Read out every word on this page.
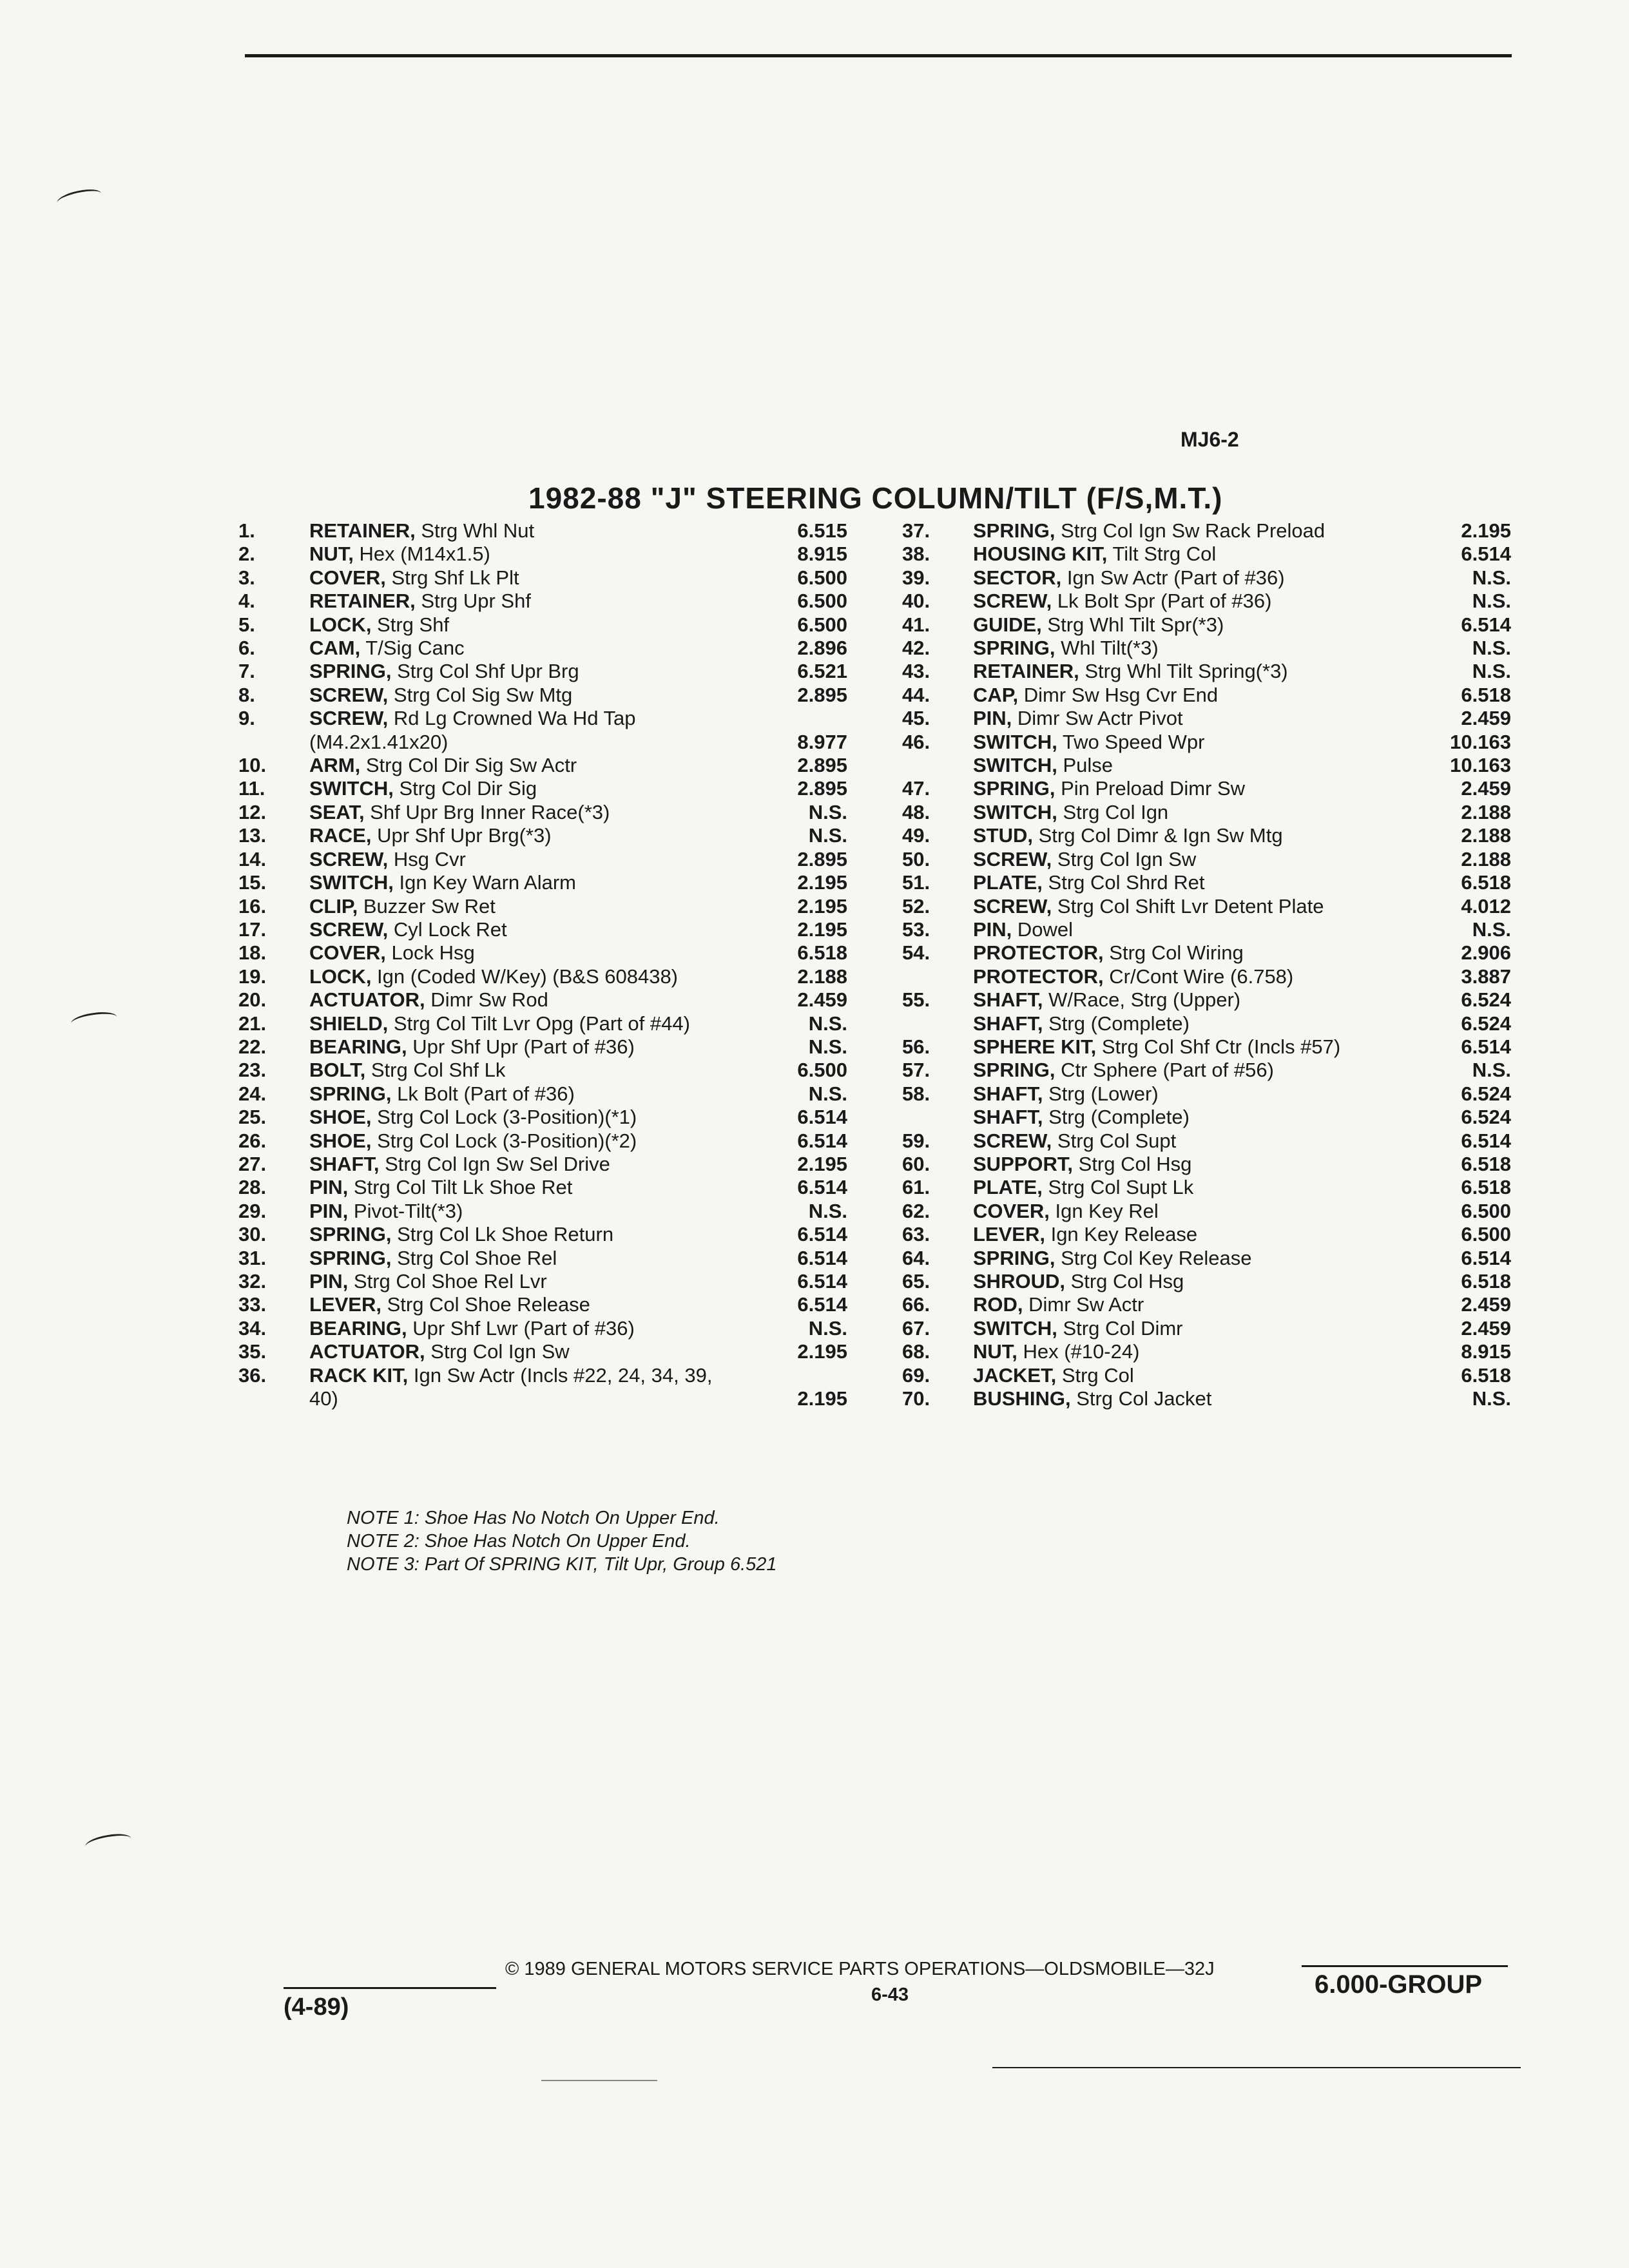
MJ6-2
1982-88 "J" STEERING COLUMN/TILT (F/S,M.T.)
1.	RETAINER, Strg Whl Nut	6.515
2.	NUT, Hex (M14x1.5)	8.915
3.	COVER, Strg Shf Lk Plt	6.500
4.	RETAINER, Strg Upr Shf	6.500
5.	LOCK, Strg Shf	6.500
6.	CAM, T/Sig Canc	2.896
7.	SPRING, Strg Col Shf Upr Brg	6.521
8.	SCREW, Strg Col Sig Sw Mtg	2.895
9.	SCREW, Rd Lg Crowned Wa Hd Tap (M4.2x1.41x20)	8.977
10.	ARM, Strg Col Dir Sig Sw Actr	2.895
11.	SWITCH, Strg Col Dir Sig	2.895
12.	SEAT, Shf Upr Brg Inner Race(*3)	N.S.
13.	RACE, Upr Shf Upr Brg(*3)	N.S.
14.	SCREW, Hsg Cvr	2.895
15.	SWITCH, Ign Key Warn Alarm	2.195
16.	CLIP, Buzzer Sw Ret	2.195
17.	SCREW, Cyl Lock Ret	2.195
18.	COVER, Lock Hsg	6.518
19.	LOCK, Ign (Coded W/Key) (B&S 608438)	2.188
20.	ACTUATOR, Dimr Sw Rod	2.459
21.	SHIELD, Strg Col Tilt Lvr Opg (Part of #44)	N.S.
22.	BEARING, Upr Shf Upr (Part of #36)	N.S.
23.	BOLT, Strg Col Shf Lk	6.500
24.	SPRING, Lk Bolt (Part of #36)	N.S.
25.	SHOE, Strg Col Lock (3-Position)(*1)	6.514
26.	SHOE, Strg Col Lock (3-Position)(*2)	6.514
27.	SHAFT, Strg Col Ign Sw Sel Drive	2.195
28.	PIN, Strg Col Tilt Lk Shoe Ret	6.514
29.	PIN, Pivot-Tilt(*3)	N.S.
30.	SPRING, Strg Col Lk Shoe Return	6.514
31.	SPRING, Strg Col Shoe Rel	6.514
32.	PIN, Strg Col Shoe Rel Lvr	6.514
33.	LEVER, Strg Col Shoe Release	6.514
34.	BEARING, Upr Shf Lwr (Part of #36)	N.S.
35.	ACTUATOR, Strg Col Ign Sw	2.195
36.	RACK KIT, Ign Sw Actr (Incls #22, 24, 34, 39, 40)	2.195
37.	SPRING, Strg Col Ign Sw Rack Preload	2.195
38.	HOUSING KIT, Tilt Strg Col	6.514
39.	SECTOR, Ign Sw Actr (Part of #36)	N.S.
40.	SCREW, Lk Bolt Spr (Part of #36)	N.S.
41.	GUIDE, Strg Whl Tilt Spr(*3)	6.514
42.	SPRING, Whl Tilt(*3)	N.S.
43.	RETAINER, Strg Whl Tilt Spring(*3)	N.S.
44.	CAP, Dimr Sw Hsg Cvr End	6.518
45.	PIN, Dimr Sw Actr Pivot	2.459
46.	SWITCH, Two Speed Wpr	10.163
SWITCH, Pulse	10.163
47.	SPRING, Pin Preload Dimr Sw	2.459
48.	SWITCH, Strg Col Ign	2.188
49.	STUD, Strg Col Dimr & Ign Sw Mtg	2.188
50.	SCREW, Strg Col Ign Sw	2.188
51.	PLATE, Strg Col Shrd Ret	6.518
52.	SCREW, Strg Col Shift Lvr Detent Plate	4.012
53.	PIN, Dowel	N.S.
54.	PROTECTOR, Strg Col Wiring	2.906
PROTECTOR, Cr/Cont Wire (6.758)	3.887
55.	SHAFT, W/Race, Strg (Upper)	6.524
SHAFT, Strg (Complete)	6.524
56.	SPHERE KIT, Strg Col Shf Ctr (Incls #57)	6.514
57.	SPRING, Ctr Sphere (Part of #56)	N.S.
58.	SHAFT, Strg (Lower)	6.524
SHAFT, Strg (Complete)	6.524
59.	SCREW, Strg Col Supt	6.514
60.	SUPPORT, Strg Col Hsg	6.518
61.	PLATE, Strg Col Supt Lk	6.518
62.	COVER, Ign Key Rel	6.500
63.	LEVER, Ign Key Release	6.500
64.	SPRING, Strg Col Key Release	6.514
65.	SHROUD, Strg Col Hsg	6.518
66.	ROD, Dimr Sw Actr	2.459
67.	SWITCH, Strg Col Dimr	2.459
68.	NUT, Hex (#10-24)	8.915
69.	JACKET, Strg Col	6.518
70.	BUSHING, Strg Col Jacket	N.S.
NOTE 1: Shoe Has No Notch On Upper End.
NOTE 2: Shoe Has Notch On Upper End.
NOTE 3: Part Of SPRING KIT, Tilt Upr, Group 6.521
© 1989 GENERAL MOTORS SERVICE PARTS OPERATIONS—OLDSMOBILE—32J
6-43
(4-89)
6.000-GROUP
